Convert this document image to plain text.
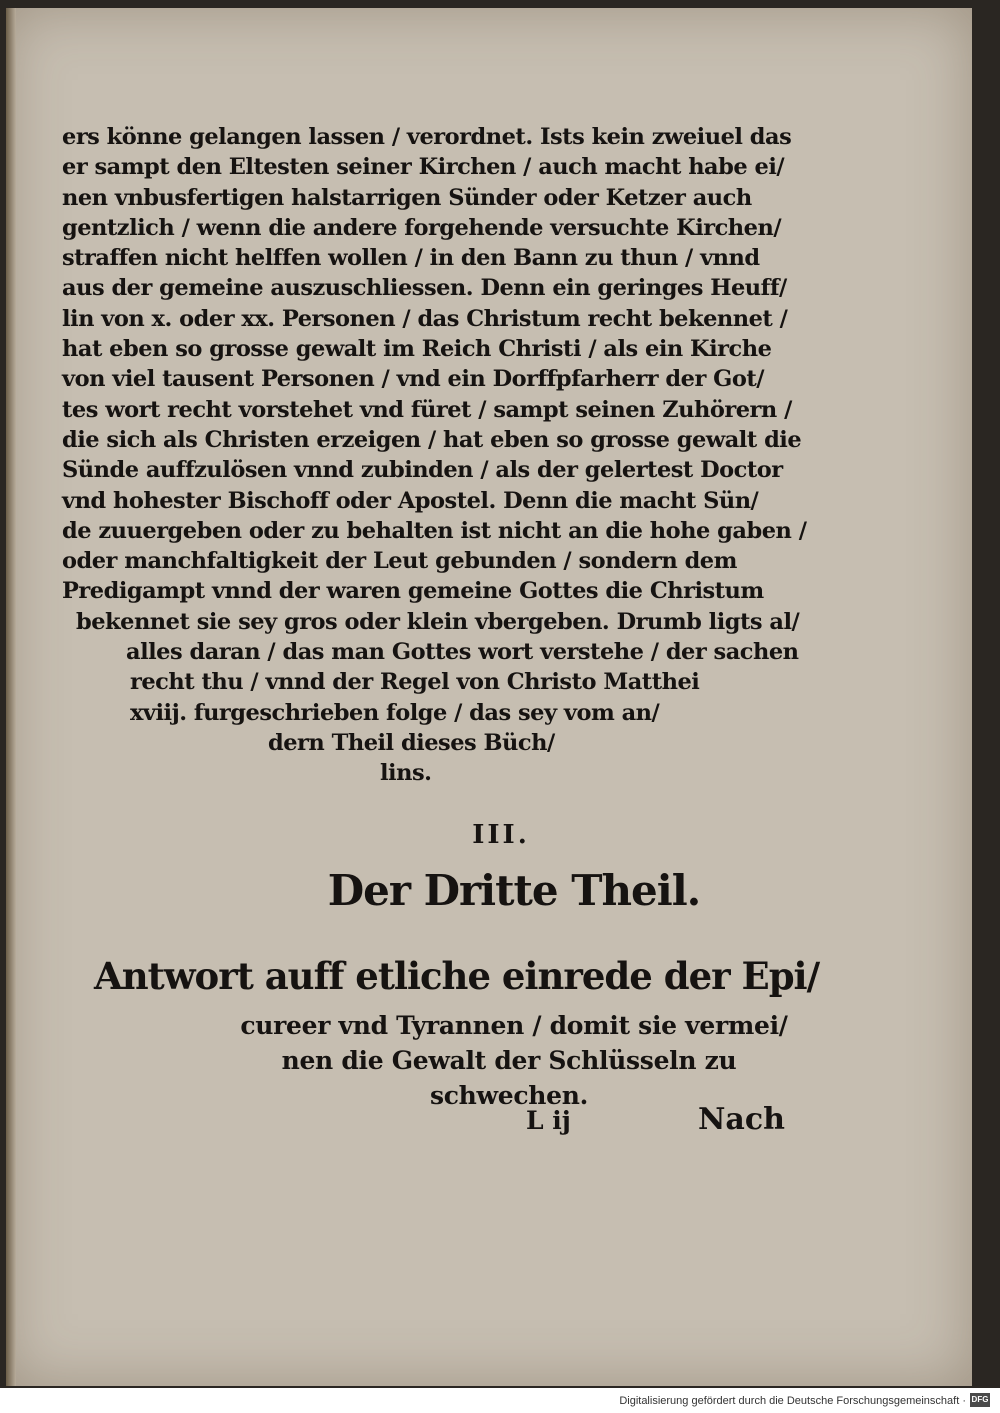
ers könne gelangen lassen / verordnet. Ists kein zweiuel das
er sampt den Eltesten seiner Kirchen / auch macht habe ei/
nen vnbusfertigen halstarrigen Sünder oder Ketzer auch
gentzlich / wenn die andere forgehende versuchte Kirchen/
straffen nicht helffen wollen / in den Bann zu thun / vnnd
aus der gemeine auszuschliessen. Denn ein geringes Heuff/
lin von x. oder xx. Personen / das Christum recht bekennet /
hat eben so grosse gewalt im Reich Christi / als ein Kirche
von viel tausent Personen / vnd ein Dorffpfarherr der Got/
tes wort recht vorstehet vnd füret / sampt seinen Zuhörern /
die sich als Christen erzeigen / hat eben so grosse gewalt die
Sünde auffzulösen vnnd zubinden / als der gelertest Doctor
vnd hohester Bischoff oder Apostel. Denn die macht Sün/
de zuuergeben oder zu behalten ist nicht an die hohe gaben /
oder manchfaltigkeit der Leut gebunden / sondern dem
Predigampt vnnd der waren gemeine Gottes die Christum
bekennet sie sey gros oder klein vbergeben. Drumb ligts al/
alles daran / das man Gottes wort verstehe / der sachen
recht thu / vnnd der Regel von Christo Matthei
xviij. furgeschrieben folge / das sey vom an/
dern Theil dieses Büch/
lins.
III.
Der Dritte Theil.
Antwort auff etliche einrede der Epi/
cureer vnd Tyrannen / domit sie vermei/
nen die Gewalt der Schlüsseln zu
schwechen.
L ij	Nach
Digitalisierung gefördert durch die Deutsche Forschungsgemeinschaft · DFG
